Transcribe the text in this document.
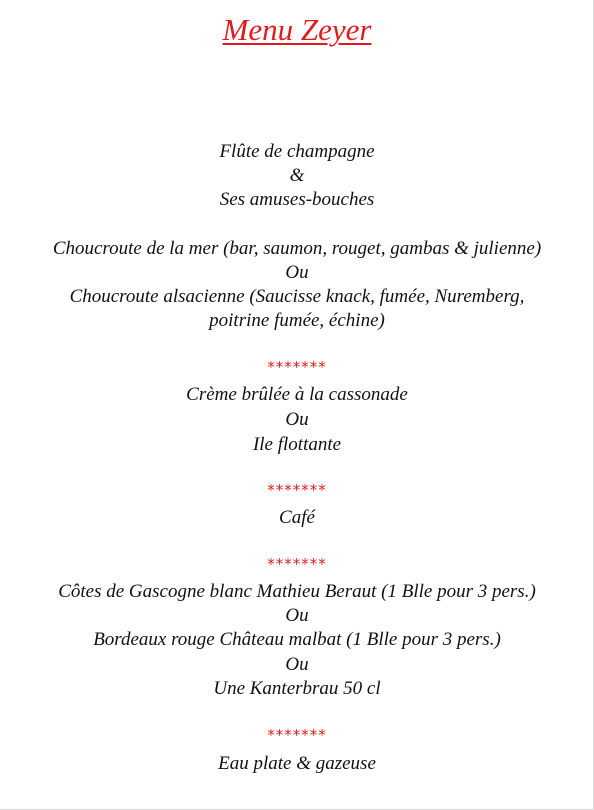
Menu Zeyer
Flûte de champagne
&
Ses amuses-bouches
Choucroute de la mer (bar, saumon, rouget, gambas & julienne)
Ou
Choucroute alsacienne (Saucisse knack, fumée, Nuremberg,
poitrine fumée, échine)
*******
Crème brûlée à la cassonade
Ou
Ile flottante
*******
Café
*******
Côtes de Gascogne blanc Mathieu Beraut (1 Blle pour 3 pers.)
Ou
Bordeaux rouge Château malbat (1 Blle pour 3 pers.)
Ou
Une Kanterbrau 50 cl
*******
Eau plate & gazeuse
